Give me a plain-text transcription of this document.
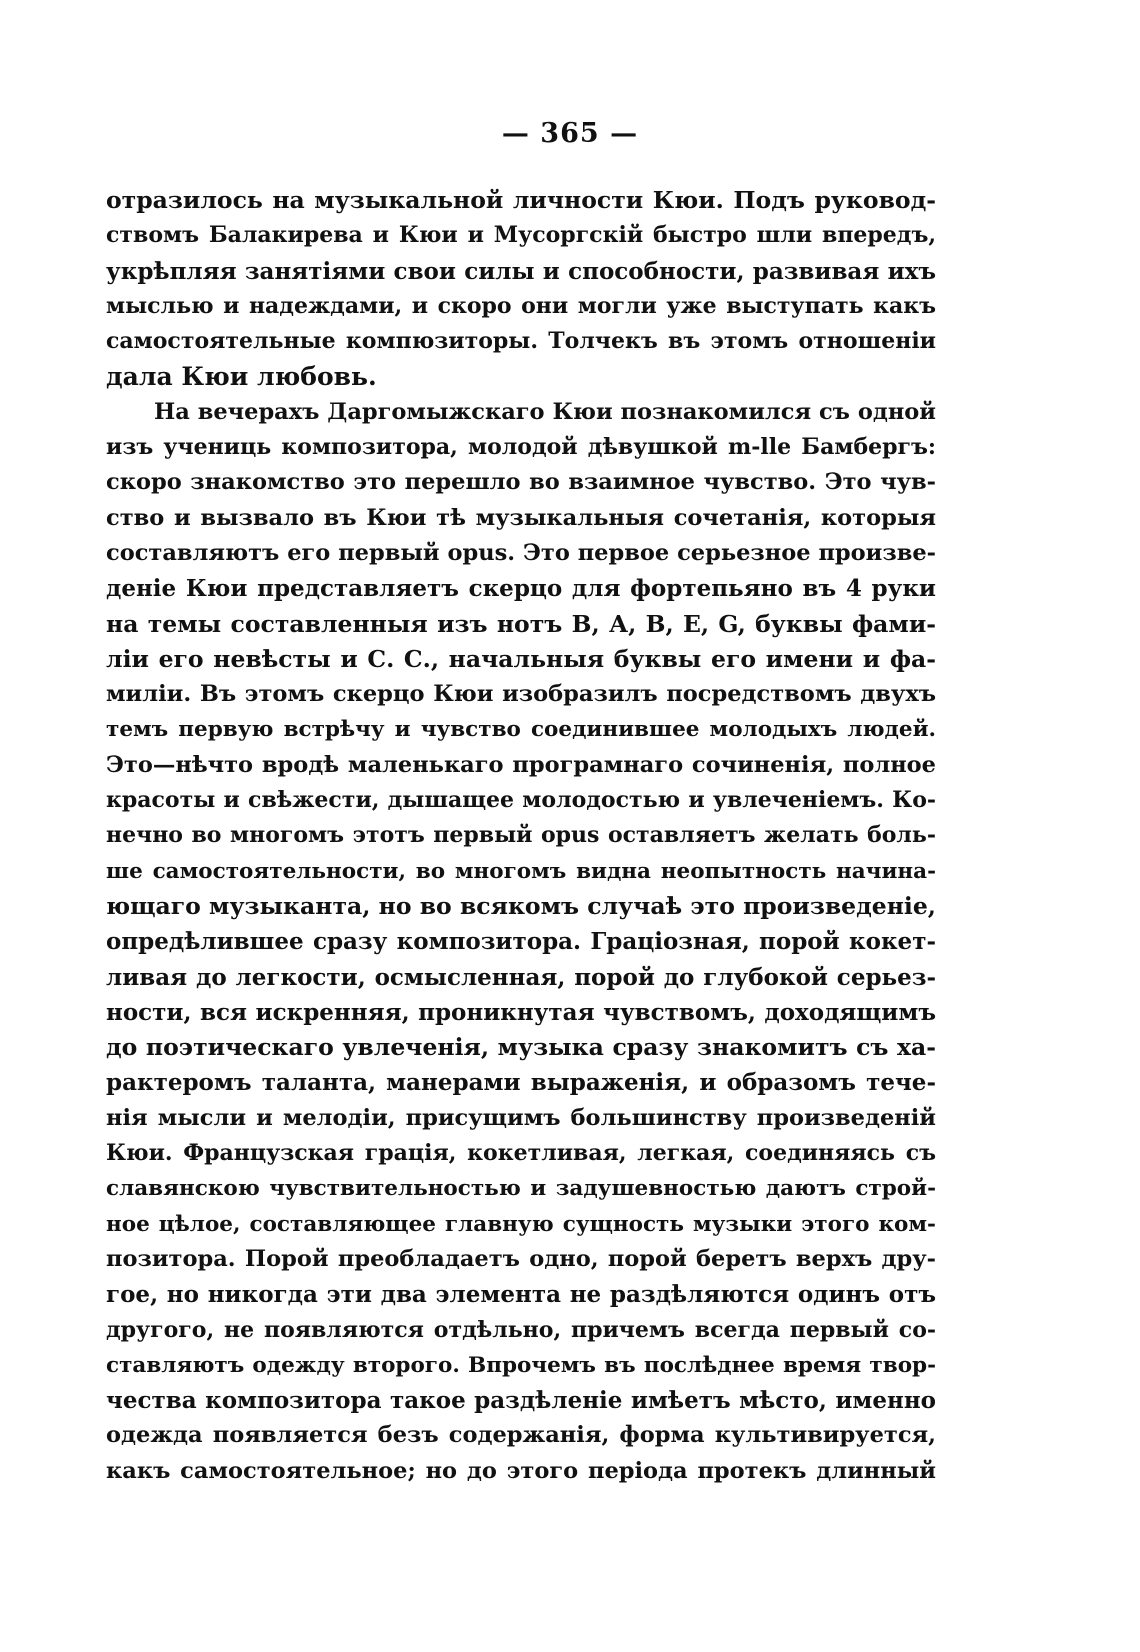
— 365 —
отразилось на музыкальной личности Кюи. Подъ руковод-
ствомъ Балакирева и Кюи и Мусоргскій быстро шли впередъ,
укрѣпляя занятіями свои силы и способности, развивая ихъ
мыслью и надеждами, и скоро они могли уже выступать какъ
самостоятельные компюзиторы. Толчекъ въ этомъ отношеніи
дала Кюи любовь.
На вечерахъ Даргомыжскаго Кюи познакомился съ одной
изъ учениць композитора, молодой дѣвушкой m-lle Бамбергъ:
скоро знакомство это перешло во взаимное чувство. Это чув-
ство и вызвало въ Кюи тѣ музыкальныя сочетанія, которыя
составляютъ его первый opus. Это первое серьезное произве-
деніе Кюи представляетъ скерцо для фортепьяно въ 4 руки
на темы составленныя изъ нотъ В, А, В, Е, G, буквы фами-
ліи его невѣсты и С. С., начальныя буквы его имени и фа-
миліи. Въ этомъ скерцо Кюи изобразилъ посредствомъ двухъ
темъ первую встрѣчу и чувство соединившее молодыхъ людей.
Это—нѣчто вродѣ маленькаго програмнаго сочиненія, полное
красоты и свѣжести, дышащее молодостью и увлеченіемъ. Ко-
нечно во многомъ этотъ первый opus оставляетъ желать боль-
ше самостоятельности, во многомъ видна неопытность начина-
ющаго музыканта, но во всякомъ случаѣ это произведеніе,
опредѣлившее сразу композитора. Граціозная, порой кокет-
ливая до легкости, осмысленная, порой до глубокой серьез-
ности, вся искренняя, проникнутая чувствомъ, доходящимъ
до поэтическаго увлеченія, музыка сразу знакомитъ съ ха-
рактеромъ таланта, манерами выраженія, и образомъ тече-
нія мысли и мелодіи, присущимъ большинству произведеній
Кюи. Французская грація, кокетливая, легкая, соединяясь съ
славянскою чувствительностью и задушевностью даютъ строй-
ное цѣлое, составляющее главную сущность музыки этого ком-
позитора. Порой преобладаетъ одно, порой беретъ верхъ дру-
гое, но никогда эти два элемента не раздѣляются одинъ отъ
другого, не появляются отдѣльно, причемъ всегда первый со-
ставляютъ одежду второго. Впрочемъ въ послѣднее время твор-
чества композитора такое раздѣленіе имѣетъ мѣсто, именно
одежда появляется безъ содержанія, форма культивируется,
какъ самостоятельное; но до этого періода протекъ длинный
